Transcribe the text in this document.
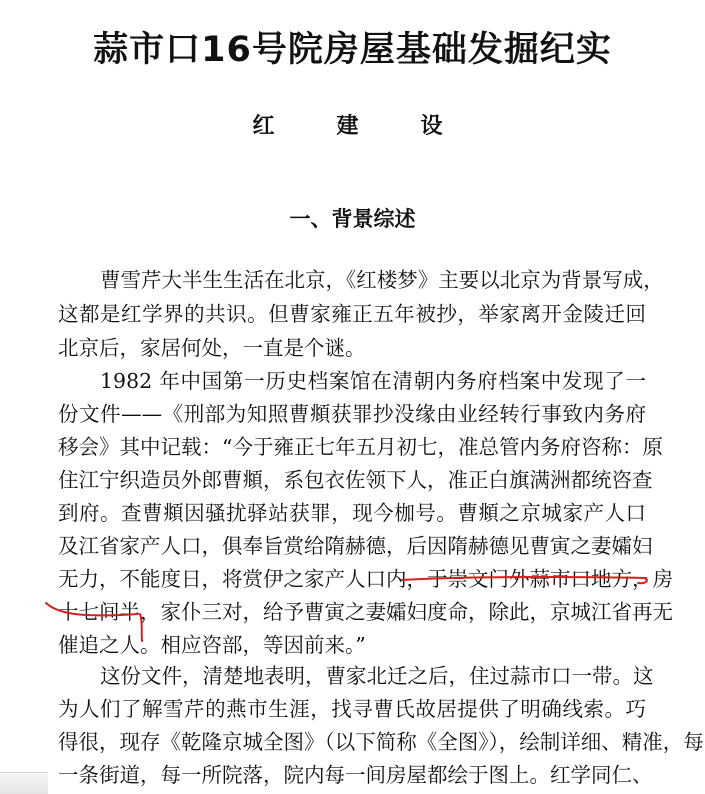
蒜市口16号院房屋基础发掘纪实
红　建　设
一、背景综述
曹雪芹大半生生活在北京，《红楼梦》主要以北京为背景写成，
这都是红学界的共识。但曹家雍正五年被抄，举家离开金陵迁回
北京后，家居何处，一直是个谜。
1982 年中国第一历史档案馆在清朝内务府档案中发现了一
份文件——《刑部为知照曹頫获罪抄没缘由业经转行事致内务府
移会》其中记载：“今于雍正七年五月初七，准总管内务府咨称：原
住江宁织造员外郎曹頫，系包衣佐领下人，准正白旗满洲都统咨查
到府。查曹頫因骚扰驿站获罪，现今枷号。曹頫之京城家产人口
及江省家产人口，俱奉旨赏给隋赫德，后因隋赫德见曹寅之妻孀妇
无力，不能度日，将赏伊之家产人口内，于崇文门外蒜市口地方，房
十七间半，家仆三对，给予曹寅之妻孀妇度命，除此，京城江省再无
催追之人。相应咨部，等因前来。”
这份文件，清楚地表明，曹家北迁之后，住过蒜市口一带。这
为人们了解雪芹的燕市生涯，找寻曹氏故居提供了明确线索。巧
得很，现存《乾隆京城全图》（以下简称《全图》），绘制详细、精准，每
一条街道，每一所院落，院内每一间房屋都绘于图上。红学同仁、
